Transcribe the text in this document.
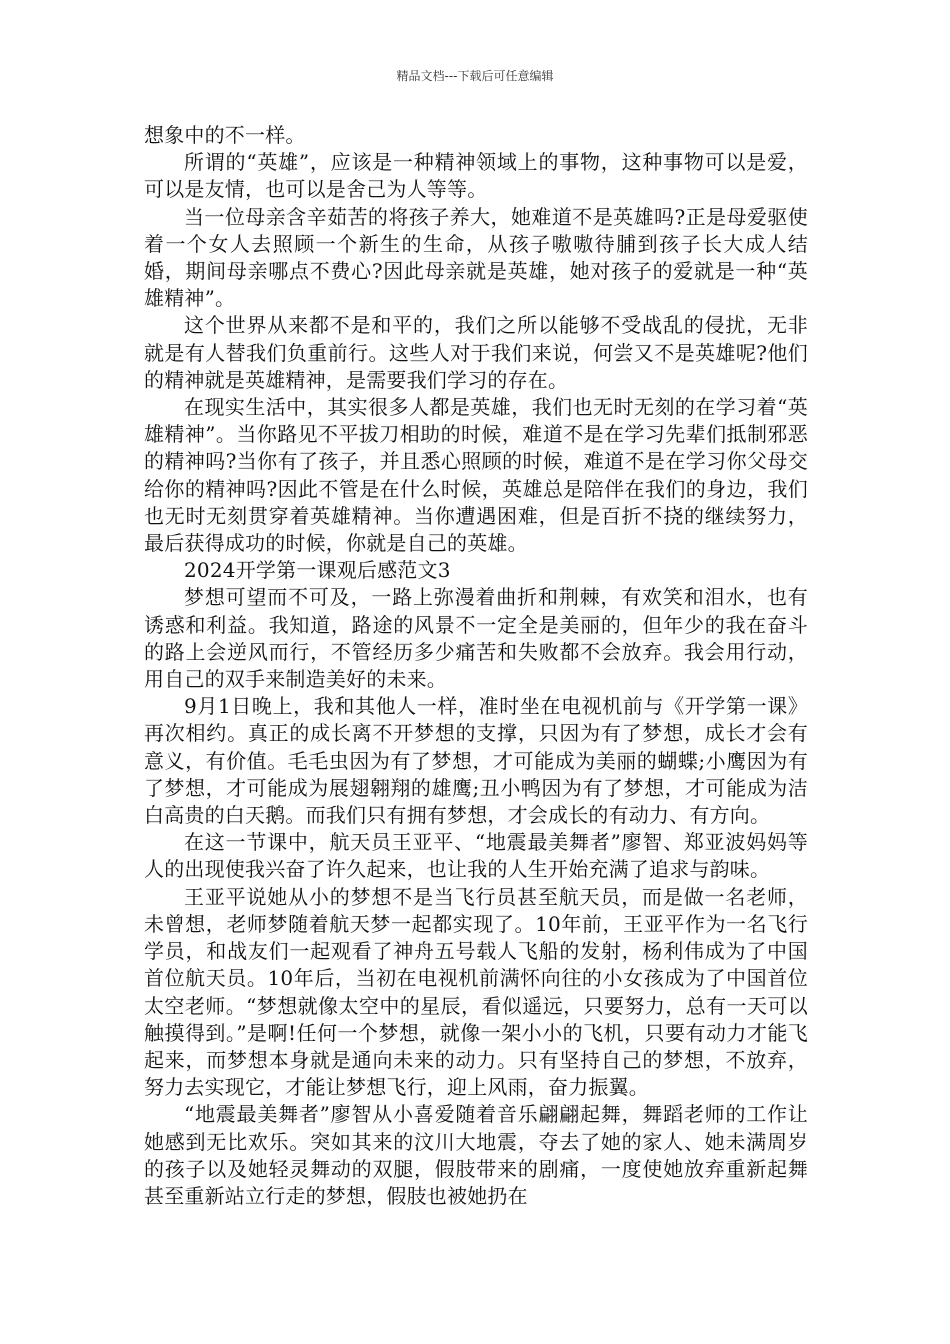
精品文档---下载后可任意编辑

想象中的不一样。

所谓的“英雄”，应该是一种精神领域上的事物，这种事物可以是爱，可以是友情，也可以是舍己为人等等。

当一位母亲含辛茹苦的将孩子养大，她难道不是英雄吗?正是母爱驱使着一个女人去照顾一个新生的生命，从孩子嗷嗷待脯到孩子长大成人结婚，期间母亲哪点不费心?因此母亲就是英雄，她对孩子的爱就是一种“英雄精神”。

这个世界从来都不是和平的，我们之所以能够不受战乱的侵扰，无非就是有人替我们负重前行。这些人对于我们来说，何尝又不是英雄呢?他们的精神就是英雄精神，是需要我们学习的存在。

在现实生活中，其实很多人都是英雄，我们也无时无刻的在学习着“英雄精神”。当你路见不平拔刀相助的时候，难道不是在学习先辈们抵制邪恶的精神吗?当你有了孩子，并且悉心照顾的时候，难道不是在学习你父母交给你的精神吗?因此不管是在什么时候，英雄总是陪伴在我们的身边，我们也无时无刻贯穿着英雄精神。当你遭遇困难，但是百折不挠的继续努力，最后获得成功的时候，你就是自己的英雄。

2024开学第一课观后感范文3

梦想可望而不可及，一路上弥漫着曲折和荆棘，有欢笑和泪水，也有诱惑和利益。我知道，路途的风景不一定全是美丽的，但年少的我在奋斗的路上会逆风而行，不管经历多少痛苦和失败都不会放弃。我会用行动，用自己的双手来制造美好的未来。

9月1日晚上，我和其他人一样，准时坐在电视机前与《开学第一课》再次相约。真正的成长离不开梦想的支撑，只因为有了梦想，成长才会有意义，有价值。毛毛虫因为有了梦想，才可能成为美丽的蝴蝶;小鹰因为有了梦想，才可能成为展翅翱翔的雄鹰;丑小鸭因为有了梦想，才可能成为洁白高贵的白天鹅。而我们只有拥有梦想，才会成长的有动力、有方向。

在这一节课中，航天员王亚平、“地震最美舞者”廖智、郑亚波妈妈等人的出现使我兴奋了许久起来，也让我的人生开始充满了追求与韵味。

王亚平说她从小的梦想不是当飞行员甚至航天员，而是做一名老师，未曾想，老师梦随着航天梦一起都实现了。10年前，王亚平作为一名飞行学员，和战友们一起观看了神舟五号载人飞船的发射，杨利伟成为了中国首位航天员。10年后，当初在电视机前满怀向往的小女孩成为了中国首位太空老师。“梦想就像太空中的星辰，看似遥远，只要努力，总有一天可以触摸得到。”是啊!任何一个梦想，就像一架小小的飞机，只要有动力才能飞起来，而梦想本身就是通向未来的动力。只有坚持自己的梦想，不放弃，努力去实现它，才能让梦想飞行，迎上风雨，奋力振翼。

“地震最美舞者”廖智从小喜爱随着音乐翩翩起舞，舞蹈老师的工作让她感到无比欢乐。突如其来的汶川大地震，夺去了她的家人、她未满周岁的孩子以及她轻灵舞动的双腿，假肢带来的剧痛，一度使她放弃重新起舞甚至重新站立行走的梦想，假肢也被她扔在
